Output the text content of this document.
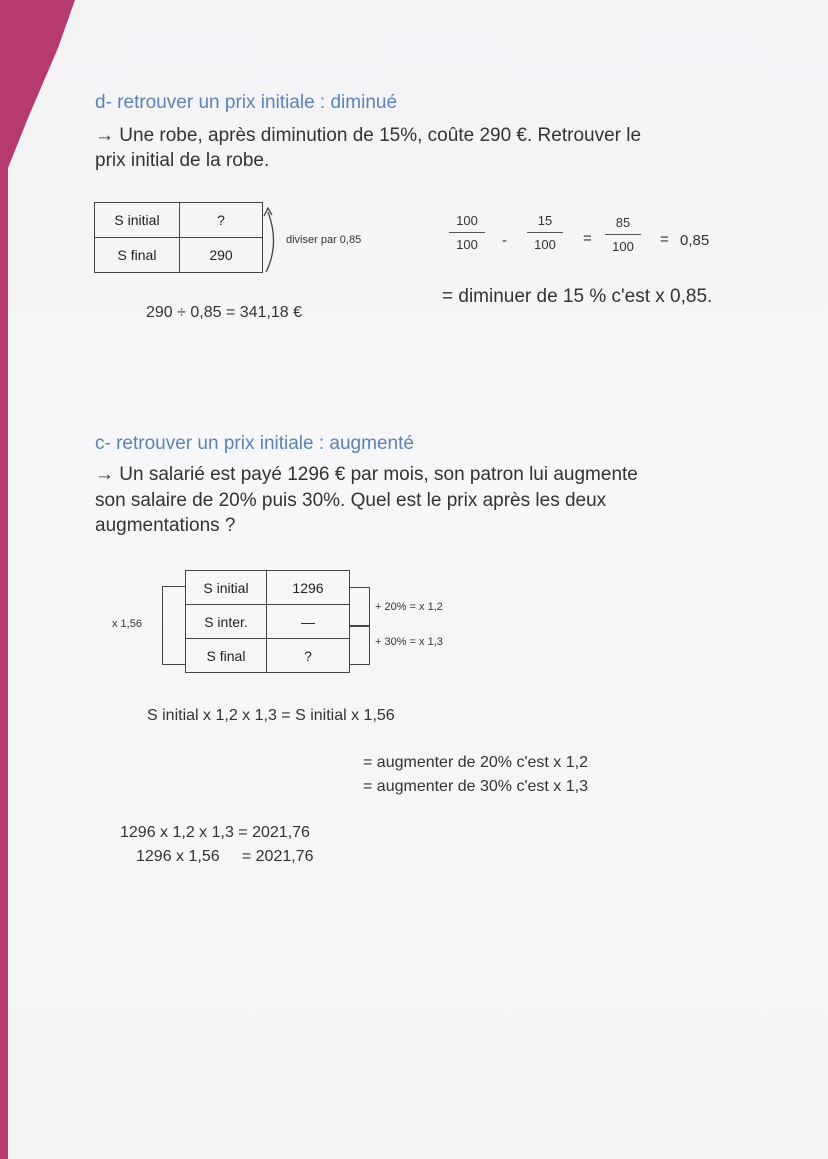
d- retrouver un prix initiale : diminué
→ Une robe, après diminution de 15%, coûte 290 €. Retrouver le
prix initial de la robe.
S initial	?
S final	290
diviser par 0,85
100
100	-
15
100	=
85
100	= 0,85
= diminuer de 15 % c'est x 0,85.
290 ÷ 0,85 = 341,18 €
c- retrouver un prix initiale : augmenté
→ Un salarié est payé 1296 € par mois, son patron lui augmente
son salaire de 20% puis 30%. Quel est le prix après les deux
augmentations ?
S initial	1296
S inter.	—
S final	?
x 1,56
+ 20% = x 1,2
+ 30% = x 1,3
S initial x 1,2 x 1,3 = S initial x 1,56
= augmenter de 20% c'est x 1,2
= augmenter de 30% c'est x 1,3
1296 x 1,2 x 1,3 = 2021,76
1296 x 1,56     = 2021,76
